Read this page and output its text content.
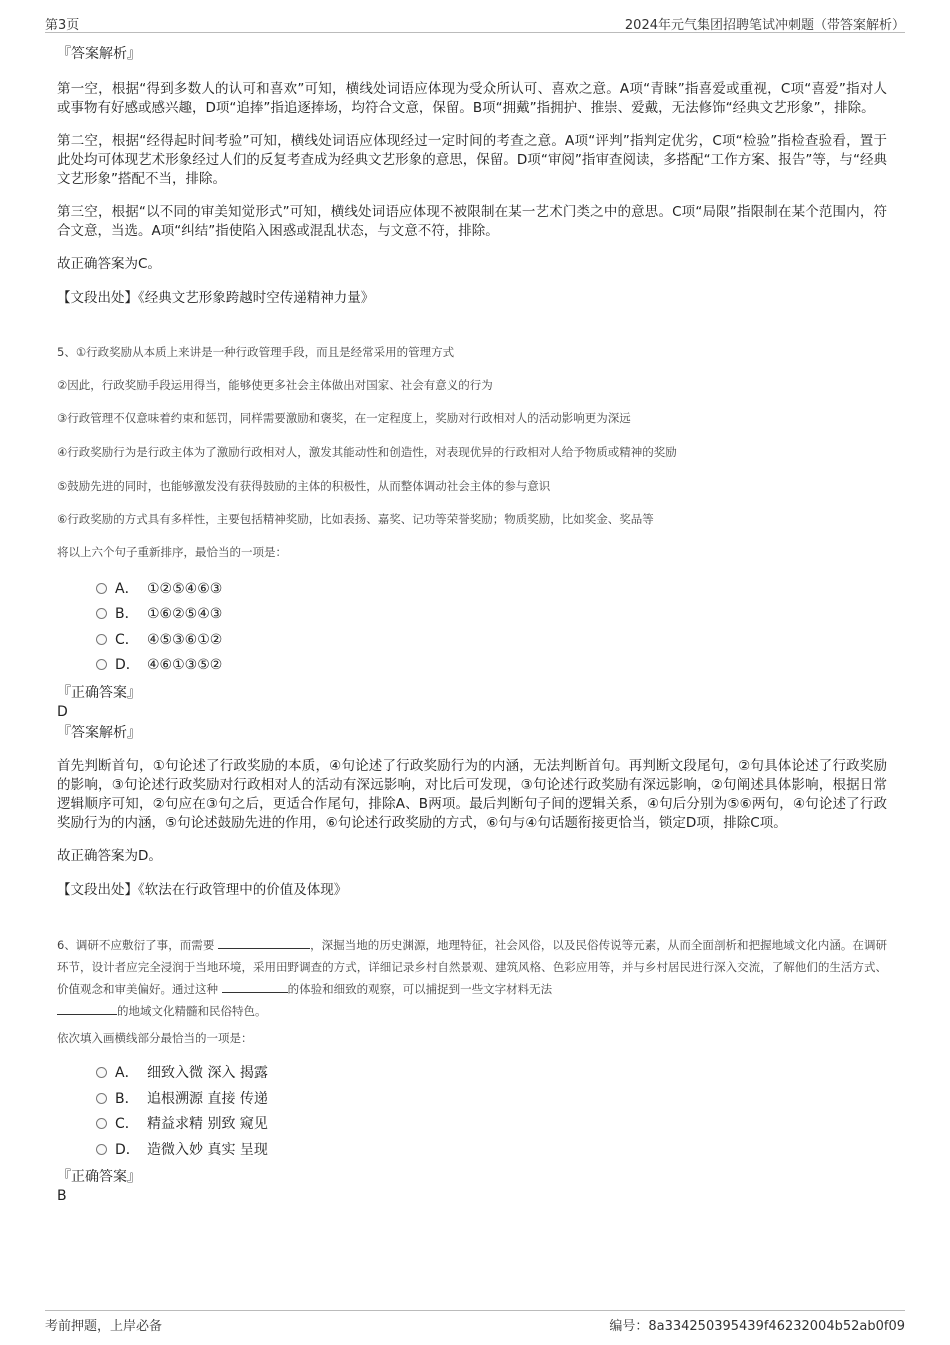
第3页	2024年元气集团招聘笔试冲刺题（带答案解析）

『答案解析』

第一空，根据“得到多数人的认可和喜欢”可知，横线处词语应体现为受众所认可、喜欢之意。A项“青睐”指喜爱或重视，C项“喜爱”指对人或事物有好感或感兴趣，D项“追捧”指追逐捧场，均符合文意，保留。B项“拥戴”指拥护、推崇、爱戴，无法修饰“经典文艺形象”，排除。

第二空，根据“经得起时间考验”可知，横线处词语应体现经过一定时间的考查之意。A项“评判”指判定优劣，C项“检验”指检查验看，置于此处均可体现艺术形象经过人们的反复考查成为经典文艺形象的意思，保留。D项“审阅”指审查阅读，多搭配“工作方案、报告”等，与“经典文艺形象”搭配不当，排除。

第三空，根据“以不同的审美知觉形式”可知，横线处词语应体现不被限制在某一艺术门类之中的意思。C项“局限”指限制在某个范围内，符合文意，当选。A项“纠结”指使陷入困惑或混乱状态，与文意不符，排除。

故正确答案为C。

【文段出处】《经典文艺形象跨越时空传递精神力量》

5、①行政奖励从本质上来讲是一种行政管理手段，而且是经常采用的管理方式

②因此，行政奖励手段运用得当，能够使更多社会主体做出对国家、社会有意义的行为

③行政管理不仅意味着约束和惩罚，同样需要激励和褒奖，在一定程度上，奖励对行政相对人的活动影响更为深远

④行政奖励行为是行政主体为了激励行政相对人，激发其能动性和创造性，对表现优异的行政相对人给予物质或精神的奖励

⑤鼓励先进的同时，也能够激发没有获得鼓励的主体的积极性，从而整体调动社会主体的参与意识

⑥行政奖励的方式具有多样性，主要包括精神奖励，比如表扬、嘉奖、记功等荣誉奖励；物质奖励，比如奖金、奖品等

将以上六个句子重新排序，最恰当的一项是：

A． ①②⑤④⑥③
B． ①⑥②⑤④③
C． ④⑤③⑥①②
D． ④⑥①③⑤②

『正确答案』

D

『答案解析』

首先判断首句，①句论述了行政奖励的本质，④句论述了行政奖励行为的内涵，无法判断首句。再判断文段尾句，②句具体论述了行政奖励的影响，③句论述行政奖励对行政相对人的活动有深远影响，对比后可发现，③句论述行政奖励有深远影响，②句阐述具体影响，根据日常逻辑顺序可知，②句应在③句之后，更适合作尾句，排除A、B两项。最后判断句子间的逻辑关系，④句后分别为⑤⑥两句，④句论述了行政奖励行为的内涵，⑤句论述鼓励先进的作用，⑥句论述行政奖励的方式，⑥句与④句话题衔接更恰当，锁定D项，排除C项。

故正确答案为D。

【文段出处】《软法在行政管理中的价值及体现》

6、调研不应敷衍了事，而需要	，深掘当地的历史渊源，地理特征，社会风俗，以及民俗传说等元素，从而全面剖析和把握地域文化内涵。在调研环节，设计者应完全浸润于当地环境，采用田野调查的方式，详细记录乡村自然景观、建筑风格、色彩应用等，并与乡村居民进行深入交流，了解他们的生活方式、价值观念和审美偏好。通过这种	的体验和细致的观察，可以捕捉到一些文字材料无法
的地域文化精髓和民俗特色。

依次填入画横线部分最恰当的一项是：

A． 细致入微 深入 揭露
B． 追根溯源 直接 传递
C． 精益求精 别致 窥见
D． 造微入妙 真实 呈现

『正确答案』

B

考前押题，上岸必备	编号：8a334250395439f46232004b52ab0f09
